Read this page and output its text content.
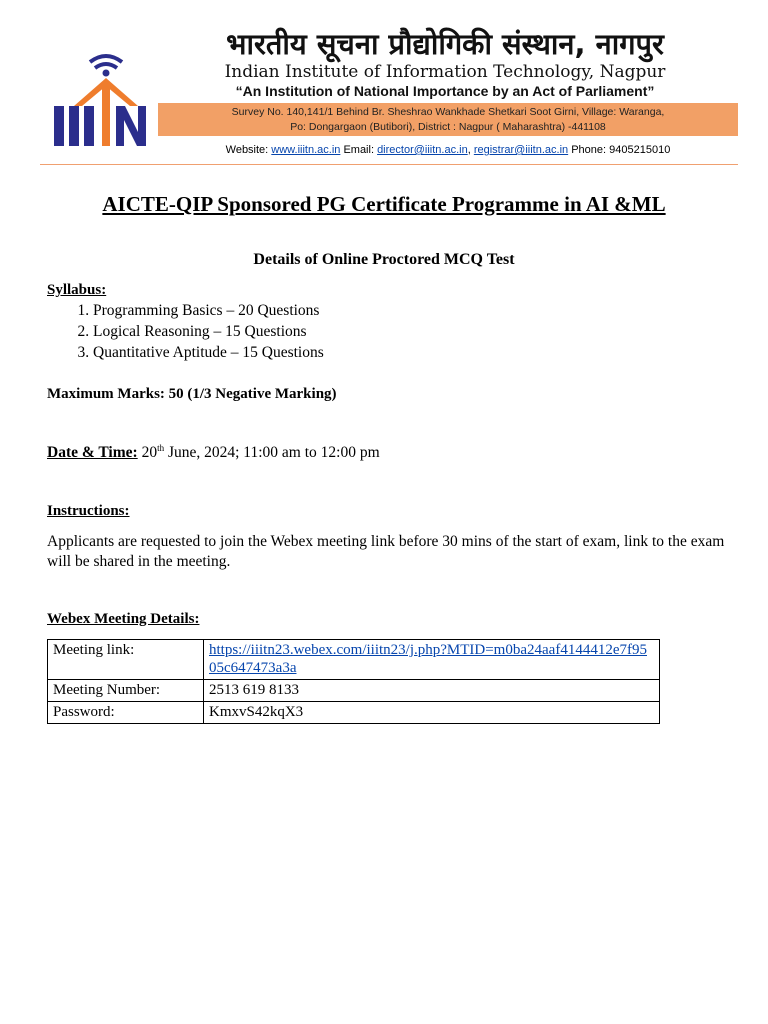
भारतीय सूचना प्रौद्योगिकी संस्थान, नागपुर
Indian Institute of Information Technology, Nagpur
“An Institution of National Importance by an Act of Parliament”
Survey No. 140,141/1 Behind Br. Sheshrao Wankhade Shetkari Soot Girni, Village: Waranga,
Po: Dongargaon (Butibori), District : Nagpur ( Maharashtra) -441108
Website: www.iiitn.ac.in Email: director@iiitn.ac.in, registrar@iiitn.ac.in Phone: 9405215010
AICTE-QIP Sponsored PG Certificate Programme in AI &ML
Details of Online Proctored MCQ Test
Syllabus:
1. Programming Basics – 20 Questions
2. Logical Reasoning – 15 Questions
3. Quantitative Aptitude – 15 Questions
Maximum Marks: 50 (1/3 Negative Marking)
Date & Time: 20th June, 2024; 11:00 am to 12:00 pm
Instructions:
Applicants are requested to join the Webex meeting link before 30 mins of the start of exam, link to the exam will be shared in the meeting.
Webex Meeting Details:
Meeting link:	https://iiitn23.webex.com/iiitn23/j.php?MTID=m0ba24aaf4144412e7f9505c647473a3a
Meeting Number:	2513 619 8133
Password:	KmxvS42kqX3
